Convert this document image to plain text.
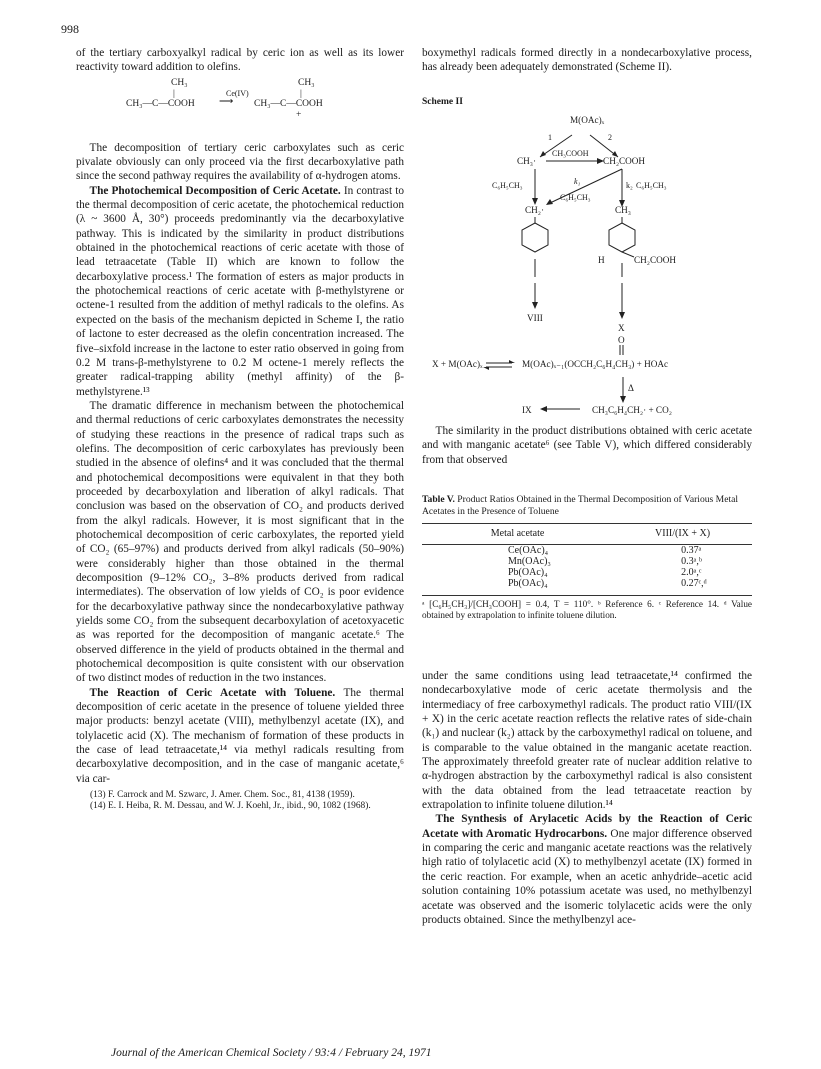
998

of the tertiary carboxyalkyl radical by ceric ion as well as its lower reactivity toward addition to olefins.

CH₃
|
CH₃—C—COOH
Ce(IV)
⟶
CH₃
|
CH₃—C—COOH
+

The decomposition of tertiary ceric carboxylates such as ceric pivalate obviously can only proceed via the first decarboxylative path since the second pathway requires the availability of α-hydrogen atoms.

The Photochemical Decomposition of Ceric Acetate. In contrast to the thermal decomposition of ceric acetate, the photochemical reduction (λ ~ 3600 Å, 30°) proceeds predominantly via the decarboxylative pathway. This is indicated by the similarity in product distributions obtained in the photochemical reactions of ceric acetate with those of lead tetraacetate (Table II) which are known to follow the decarboxylative process.¹ The formation of esters as major products in the photochemical reactions of ceric acetate with β-methylstyrene or octene-1 resulted from the addition of methyl radicals to the olefins. As expected on the basis of the mechanism depicted in Scheme I, the ratio of lactone to ester decreased as the olefin concentration increased. The five–sixfold increase in the lactone to ester ratio observed in going from 0.2 M trans-β-methylstyrene to 0.2 M octene-1 merely reflects the greater radical-trapping ability (methyl affinity) of the β-methylstyrene.¹³

The dramatic difference in mechanism between the photochemical and thermal reductions of ceric carboxylates demonstrates the necessity of studying these reactions in the presence of radical traps such as olefins. The decomposition of ceric carboxylates has previously been studied in the absence of olefins⁴ and it was concluded that the thermal and photochemical decompositions were equivalent in that they both proceeded by decarboxylation and liberation of alkyl radicals. That conclusion was based on the observation of CO₂ and products derived from the alkyl radicals. However, it is most significant that in the photochemical decomposition of ceric carboxylates, the reported yield of CO₂ (65–97%) and products derived from alkyl radicals (50–90%) were considerably higher than those obtained in the thermal decomposition (9–12% CO₂, 3–8% products derived from radical intermediates). The observation of low yields of CO₂ is poor evidence for the decarboxylative pathway since the nondecarboxylative pathway yields some CO₂ from the subsequent decarboxylation of acetoxyacetic as was reported for the decomposition of manganic acetate.⁶ The observed difference in the yield of products obtained in the thermal and photochemical decomposition is quite consistent with our observation of two distinct modes of reduction in the two instances.

The Reaction of Ceric Acetate with Toluene. The thermal decomposition of ceric acetate in the presence of toluene yielded three major products: benzyl acetate (VIII), methylbenzyl acetate (IX), and tolylacetic acid (X). The mechanism of formation of these products in the case of lead tetraacetate,¹⁴ via methyl radicals resulting from decarboxylative decomposition, and in the case of manganic acetate,⁶ via car-

(13) F. Carrock and M. Szwarc, J. Amer. Chem. Soc., 81, 4138 (1959).
(14) E. I. Heiba, R. M. Dessau, and W. J. Koehl, Jr., ibid., 90, 1082 (1968).

boxymethyl radicals formed directly in a nondecarboxylative process, has already been adequately demonstrated (Scheme II).

Scheme II
M(OAc)ₓ
1	2
CH₃·
CH₃COOH
·CH₂COOH
C₆H₅CH₃	k₁
C₆H₅CH₃
k₂ C₆H₅CH₃
CH₂·	CH₃
H	CH₂COOH
VIII
X
O
X + M(OAc)ₓ	M(OAc)ₓ₋₁(OCCH₂C₆H₄CH₃) + HOAc
Δ
IX	CH₃C₆H₄CH₂· + CO₂

The similarity in the product distributions obtained with ceric acetate and with manganic acetate⁶ (see Table V), which differed considerably from that observed

Table V. Product Ratios Obtained in the Thermal Decomposition of Various Metal Acetates in the Presence of Toluene
Metal acetate	VIII/(IX + X)
Ce(OAc)₄	0.37ᵃ
Mn(OAc)₃	0.3ᵃ,ᵇ
Pb(OAc)₄	2.0ᵃ,ᶜ
Pb(OAc)₄	0.27ᶜ,ᵈ
ᵃ [C₆H₅CH₃]/[CH₃COOH] = 0.4, T = 110°. ᵇ Reference 6. ᶜ Reference 14. ᵈ Value obtained by extrapolation to infinite toluene dilution.

under the same conditions using lead tetraacetate,¹⁴ confirmed the nondecarboxylative mode of ceric acetate thermolysis and the intermediacy of free carboxymethyl radicals. The product ratio VIII/(IX + X) in the ceric acetate reaction reflects the relative rates of side-chain (k₁) and nuclear (k₂) attack by the carboxymethyl radical on toluene, and is comparable to the value obtained in the manganic acetate reaction. The approximately threefold greater rate of nuclear addition relative to α-hydrogen abstraction by the carboxymethyl radical is also consistent with the data obtained from the lead tetraacetate reaction by extrapolation to infinite toluene dilution.¹⁴

The Synthesis of Arylacetic Acids by the Reaction of Ceric Acetate with Aromatic Hydrocarbons. One major difference observed in comparing the ceric and manganic acetate reactions was the relatively high ratio of tolylacetic acid (X) to methylbenzyl acetate (IX) formed in the ceric reaction. For example, when an acetic anhydride–acetic acid solution containing 10% potassium acetate was used, no methylbenzyl acetate was observed and the isomeric tolylacetic acids were the only products obtained. Since the methylbenzyl ace-

Journal of the American Chemical Society / 93:4 / February 24, 1971
